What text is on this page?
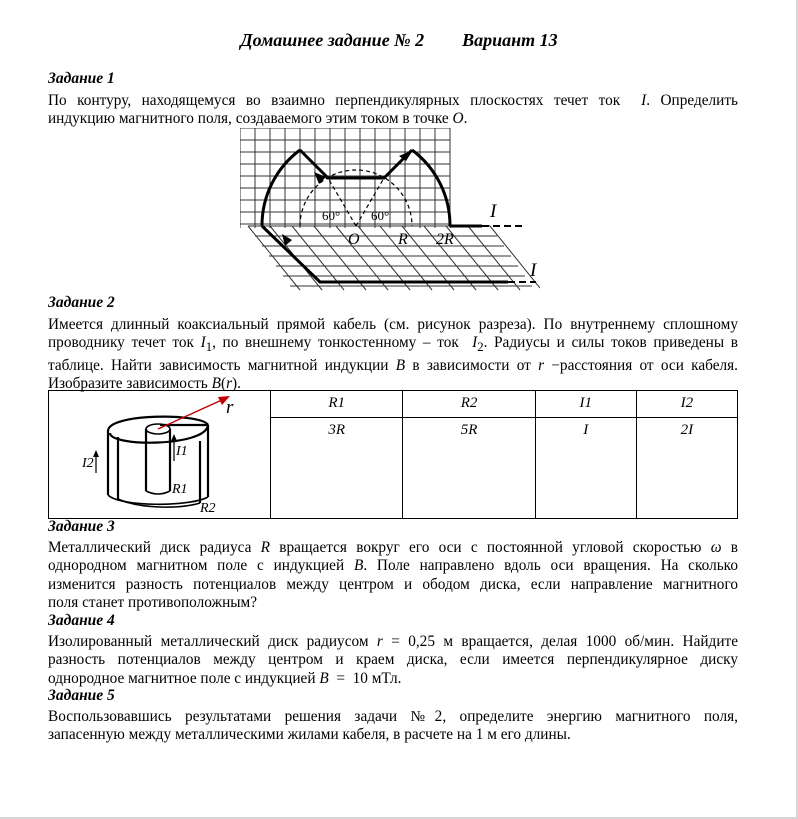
Домашнее задание № 2 Вариант 13
Задание 1
По контуру, находящемуся во взаимно перпендикулярных плоскостях течет ток  I. Определить
индукцию магнитного поля, создаваемого этим током в точке O.
60° 60°
O R 2R
I
I
Задание 2
Имеется длинный коаксиальный прямой кабель (см. рисунок разреза). По внутреннему сплошному
проводнику течет ток $I_1$, по внешнему тонкостенному – ток  $I_2$. Радиусы и силы токов приведены в
таблице. Найти зависимость магнитной индукции B в зависимости от r −расстояния от оси кабеля.
Изобразите зависимость B(r).
r
I1
I2
R1
R2	R1	R2	I1	I2
	3R	5R	I	2I
Задание 3
Металлический диск радиуса R вращается вокруг его оси с постоянной угловой скоростью ω в
однородном магнитном поле с индукцией B. Поле направлено вдоль оси вращения. На сколько
изменится разность потенциалов между центром и ободом диска, если направление магнитного
поля станет противоположным?
Задание 4
Изолированный металлический диск радиусом r = 0,25 м вращается, делая 1000 об/мин. Найдите
разность потенциалов между центром и краем диска, если имеется перпендикулярное диску
однородное магнитное поле с индукцией B  =  10 мТл.
Задание 5
Воспользовавшись результатами решения задачи №2, определите энергию магнитного поля,
запасенную между металлическими жилами кабеля, в расчете на 1 м его длины.
